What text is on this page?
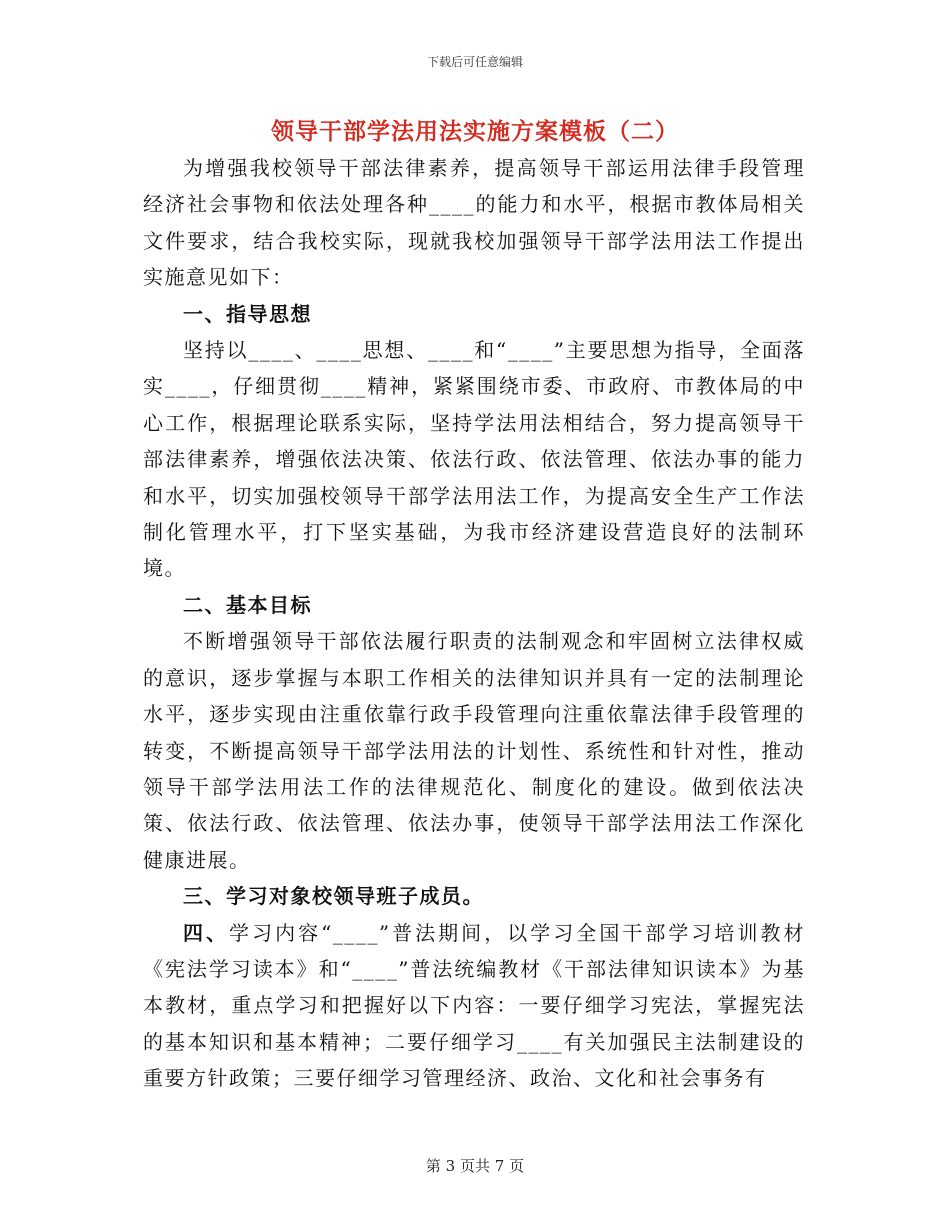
下载后可任意编辑
领导干部学法用法实施方案模板（二）

为增强我校领导干部法律素养，提高领导干部运用法律手段管理经济社会事物和依法处理各种____的能力和水平，根据市教体局相关文件要求，结合我校实际，现就我校加强领导干部学法用法工作提出实施意见如下：

一、指导思想

坚持以____、____思想、____和“____”主要思想为指导，全面落实____，仔细贯彻____精神，紧紧围绕市委、市政府、市教体局的中心工作，根据理论联系实际，坚持学法用法相结合，努力提高领导干部法律素养，增强依法决策、依法行政、依法管理、依法办事的能力和水平，切实加强校领导干部学法用法工作，为提高安全生产工作法制化管理水平，打下坚实基础，为我市经济建设营造良好的法制环境。

二、基本目标

不断增强领导干部依法履行职责的法制观念和牢固树立法律权威的意识，逐步掌握与本职工作相关的法律知识并具有一定的法制理论水平，逐步实现由注重依靠行政手段管理向注重依靠法律手段管理的转变，不断提高领导干部学法用法的计划性、系统性和针对性，推动领导干部学法用法工作的法律规范化、制度化的建设。做到依法决策、依法行政、依法管理、依法办事，使领导干部学法用法工作深化健康进展。

三、学习对象校领导班子成员。

四、学习内容“____”普法期间，以学习全国干部学习培训教材《宪法学习读本》和“____”普法统编教材《干部法律知识读本》为基本教材，重点学习和把握好以下内容：一要仔细学习宪法，掌握宪法的基本知识和基本精神；二要仔细学习____有关加强民主法制建设的重要方针政策；三要仔细学习管理经济、政治、文化和社会事务有

第 3 页共 7 页
